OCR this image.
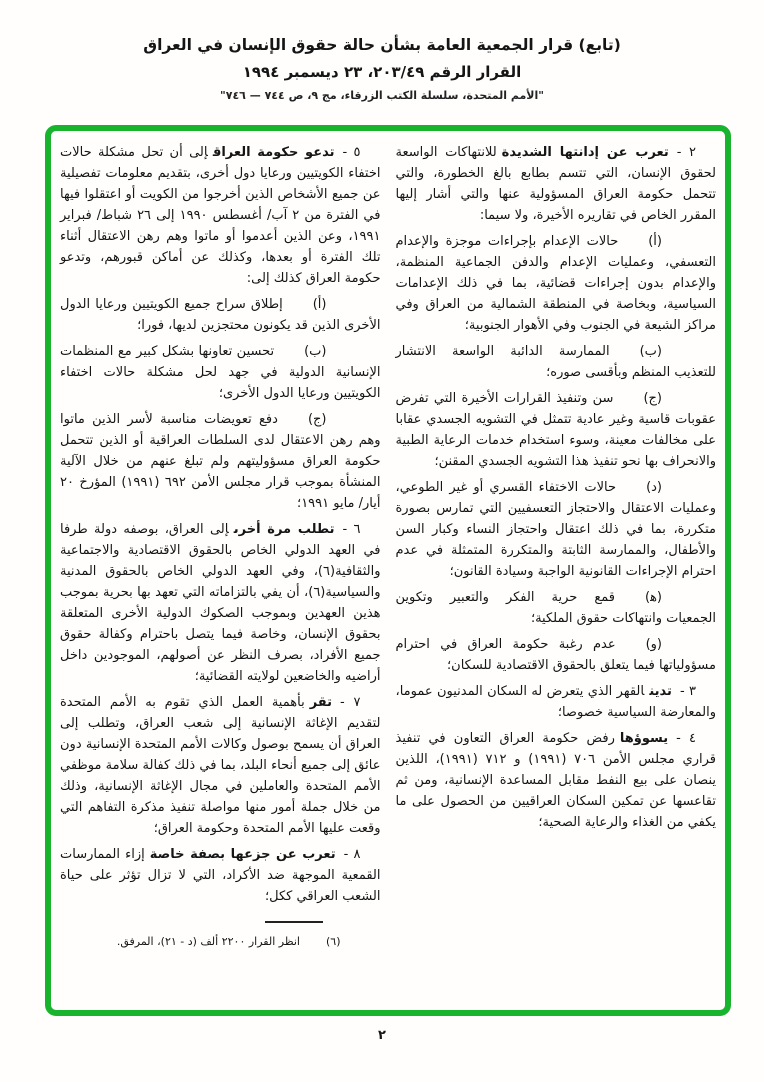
(تابع) قرار الجمعية العامة بشأن حالة حقوق الإنسان في العراق
القرار الرقم ٢٠٣/٤٩، ٢٣ ديسمبر ١٩٩٤
"الأمم المتحدة، سلسلة الكتب الزرقاء، مج ٩، ص ٧٤٤ — ٧٤٦"

٢ -تعرب عن إدانتها الشديدةللانتهاكات الواسعة لحقوق الإنسان، التي تتسم بطابع بالغ الخطورة، والتي تتحمل حكومة العراق المسؤولية عنها والتي أشار إليها المقرر الخاص في تقاريره الأخيرة، ولا سيما:

(أ)حالات الإعدام بإجراءات موجزة والإعدام التعسفي، وعمليات الإعدام والدفن الجماعية المنظمة، والإعدام بدون إجراءات قضائية، بما في ذلك الإعدامات السياسية، وبخاصة في المنطقة الشمالية من العراق وفي مراكز الشيعة في الجنوب وفي الأهوار الجنوبية؛

(ب)الممارسة الدائبة الواسعة الانتشار للتعذيب المنظم وبأقسى صوره؛

(ج)سن وتنفيذ القرارات الأخيرة التي تفرض عقوبات قاسية وغير عادية تتمثل في التشويه الجسدي عقابا على مخالفات معينة، وسوء استخدام خدمات الرعاية الطبية والانحراف بها نحو تنفيذ هذا التشويه الجسدي المقنن؛

(د)حالات الاختفاء القسري أو غير الطوعي، وعمليات الاعتقال والاحتجاز التعسفيين التي تمارس بصورة متكررة، بما في ذلك اعتقال واحتجاز النساء وكبار السن والأطفال، والممارسة الثابتة والمتكررة المتمثلة في عدم احترام الإجراءات القانونية الواجبة وسيادة القانون؛

(ﻫ)قمع حرية الفكر والتعبير وتكوين الجمعيات وانتهاكات حقوق الملكية؛

(و)عدم رغبة حكومة العراق في احترام مسؤولياتها فيما يتعلق بالحقوق الاقتصادية للسكان؛

٣ -تدينالقهر الذي يتعرض له السكان المدنيون عموما، والمعارضة السياسية خصوصا؛

٤ -يسوؤهارفض حكومة العراق التعاون في تنفيذ قراري مجلس الأمن ٧٠٦ (١٩٩١) و ٧١٢ (١٩٩١)، اللذين ينصان على بيع النفط مقابل المساعدة الإنسانية، ومن ثم تقاعسها عن تمكين السكان العراقيين من الحصول على ما يكفي من الغذاء والرعاية الصحية؛

٥ -تدعو حكومة العراقإلى أن تحل مشكلة حالات اختفاء الكويتيين ورعايا دول أخرى، بتقديم معلومات تفصيلية عن جميع الأشخاص الذين أخرجوا من الكويت أو اعتقلوا فيها في الفترة من ٢ آب/ أغسطس ١٩٩٠ إلى ٢٦ شباط/ فبراير ١٩٩١، وعن الذين أعدموا أو ماتوا وهم رهن الاعتقال أثناء تلك الفترة أو بعدها، وكذلك عن أماكن قبورهم، وتدعو حكومة العراق كذلك إلى:

(أ)إطلاق سراح جميع الكويتيين ورعايا الدول الأخرى الذين قد يكونون محتجزين لديها، فورا؛

(ب)تحسين تعاونها بشكل كبير مع المنظمات الإنسانية الدولية في جهد لحل مشكلة حالات اختفاء الكويتيين ورعايا الدول الأخرى؛

(ج)دفع تعويضات مناسبة لأسر الذين ماتوا وهم رهن الاعتقال لدى السلطات العراقية أو الذين تتحمل حكومة العراق مسؤوليتهم ولم تبلغ عنهم من خلال الآلية المنشأة بموجب قرار مجلس الأمن ٦٩٢ (١٩٩١) المؤرخ ٢٠ أيار/ مايو ١٩٩١؛

٦ -تطلب مرة أخرىإلى العراق، بوصفه دولة طرفا في العهد الدولي الخاص بالحقوق الاقتصادية والاجتماعية والثقافية(٦)، وفي العهد الدولي الخاص بالحقوق المدنية والسياسية(٦)، أن يفي بالتزاماته التي تعهد بها بحرية بموجب هذين العهدين وبموجب الصكوك الدولية الأخرى المتعلقة بحقوق الإنسان، وخاصة فيما يتصل باحترام وكفالة حقوق جميع الأفراد، بصرف النظر عن أصولهم، الموجودين داخل أراضيه والخاضعين لولايته القضائية؛

٧ -تقربأهمية العمل الذي تقوم به الأمم المتحدة لتقديم الإغاثة الإنسانية إلى شعب العراق، وتطلب إلى العراق أن يسمح بوصول وكالات الأمم المتحدة الإنسانية دون عائق إلى جميع أنحاء البلد، بما في ذلك كفالة سلامة موظفي الأمم المتحدة والعاملين في مجال الإغاثة الإنسانية، وذلك من خلال جملة أمور منها مواصلة تنفيذ مذكرة التفاهم التي وقعت عليها الأمم المتحدة وحكومة العراق؛

٨ -تعرب عن جزعها بصفة خاصةإزاء الممارسات القمعية الموجهة ضد الأكراد، التي لا تزال تؤثر على حياة الشعب العراقي ككل؛

(٦)انظر القرار ٢٢٠٠ ألف (د - ٢١)، المرفق.

٢
